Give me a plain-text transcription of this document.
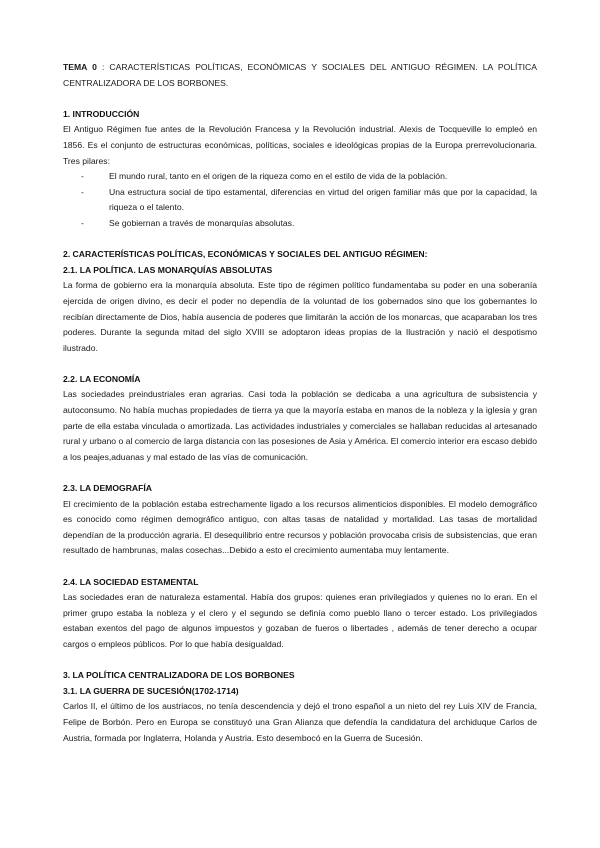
TEMA 0 : CARACTERÍSTICAS POLÍTICAS, ECONÓMICAS Y SOCIALES DEL ANTIGUO RÉGIMEN. LA POLÍTICA CENTRALIZADORA DE LOS BORBONES.

1. INTRODUCCIÓN

El Antiguo Régimen fue antes de la Revolución Francesa y la Revolución industrial. Alexis de Tocqueville lo empleó en 1856. Es el conjunto de estructuras económicas, políticas, sociales e ideológicas propias de la Europa prerrevolucionaria. Tres pilares:

- El mundo rural, tanto en el origen de la riqueza como en el estilo de vida de la población.
- Una estructura social de tipo estamental, diferencias en virtud del origen familiar más que por la capacidad, la riqueza o el talento.
- Se gobiernan a través de monarquías absolutas.
2. CARACTERÍSTICAS POLÍTICAS, ECONÓMICAS Y SOCIALES DEL ANTIGUO RÉGIMEN:
2.1. LA POLÍTICA. LAS MONARQUÍAS ABSOLUTAS

La forma de gobierno era la monarquía absoluta. Este tipo de régimen político fundamentaba su poder en una soberanía ejercida de origen divino, es decir el poder no dependía de la voluntad de los gobernados sino que los gobernantes lo recibían directamente de Dios, había ausencia de poderes que limitarán la acción de los monarcas, que acaparaban los tres poderes. Durante la segunda mitad del siglo XVIII se adoptaron ideas propias de la Ilustración y nació el despotismo ilustrado.

2.2. LA ECONOMÍA

Las sociedades preindustriales eran agrarias. Casi toda la población se dedicaba a una agricultura de subsistencia y autoconsumo. No había muchas propiedades de tierra ya que la mayoría estaba en manos de la nobleza y la iglesia y gran parte de ella estaba vinculada o amortizada. Las actividades industriales y comerciales se hallaban reducidas al artesanado rural y urbano o al comercio de larga distancia con las posesiones de Asia y América. El comercio interior era escaso debido a los peajes,aduanas y mal estado de las vías de comunicación.

2.3. LA DEMOGRAFÍA

El crecimiento de la población estaba estrechamente ligado a los recursos alimenticios disponibles. El modelo demográfico es conocido como régimen demográfico antiguo, con altas tasas de natalidad y mortalidad. Las tasas de mortalidad dependían de la producción agraria. El desequilibrio entre recursos y población provocaba crisis de subsistencias, que eran resultado de hambrunas, malas cosechas...Debido a esto el crecimiento aumentaba muy lentamente.

2.4. LA SOCIEDAD ESTAMENTAL

Las sociedades eran de naturaleza estamental. Había dos grupos: quienes eran privilegiados y quienes no lo eran. En el primer grupo estaba la nobleza y el clero y el segundo se definía como pueblo llano o tercer estado. Los privilegiados estaban exentos del pago de algunos impuestos y gozaban de fueros o libertades , además de tener derecho a ocupar cargos o empleos públicos. Por lo que había desigualdad.

3. LA POLÍTICA CENTRALIZADORA DE LOS BORBONES
3.1. LA GUERRA DE SUCESIÓN(1702-1714)

Carlos II, el último de los austriacos, no tenía descendencia y dejó el trono español a un nieto del rey Luis XIV de Francia, Felipe de Borbón. Pero en Europa se constituyó una Gran Alianza que defendía la candidatura del archiduque Carlos de Austria, formada por Inglaterra, Holanda y Austria. Esto desembocó en la Guerra de Sucesión.
